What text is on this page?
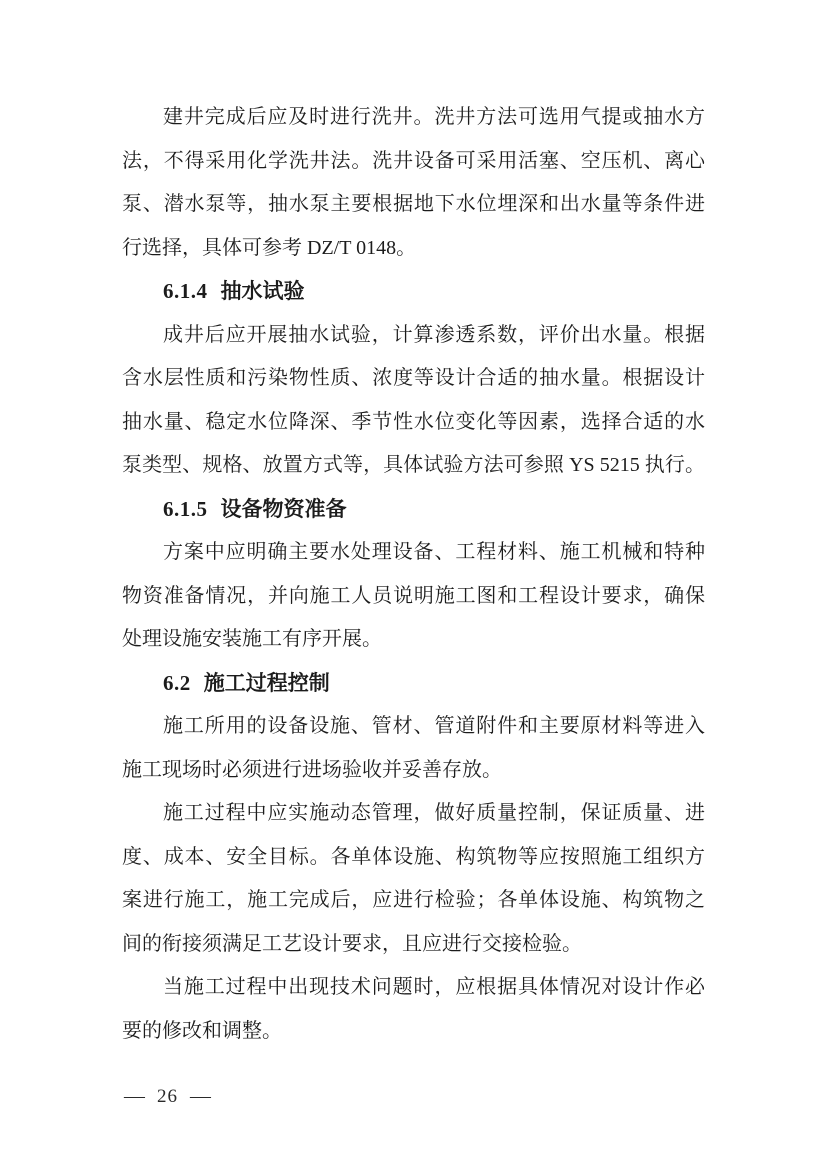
建井完成后应及时进行洗井。洗井方法可选用气提或抽水方
法，不得采用化学洗井法。洗井设备可采用活塞、空压机、离心
泵、潜水泵等，抽水泵主要根据地下水位埋深和出水量等条件进
行选择，具体可参考 DZ/T 0148。
6.1.4 抽水试验
成井后应开展抽水试验，计算渗透系数，评价出水量。根据
含水层性质和污染物性质、浓度等设计合适的抽水量。根据设计
抽水量、稳定水位降深、季节性水位变化等因素，选择合适的水
泵类型、规格、放置方式等，具体试验方法可参照 YS 5215 执行。
6.1.5 设备物资准备
方案中应明确主要水处理设备、工程材料、施工机械和特种
物资准备情况，并向施工人员说明施工图和工程设计要求，确保
处理设施安装施工有序开展。
6.2 施工过程控制
施工所用的设备设施、管材、管道附件和主要原材料等进入
施工现场时必须进行进场验收并妥善存放。
施工过程中应实施动态管理，做好质量控制，保证质量、进
度、成本、安全目标。各单体设施、构筑物等应按照施工组织方
案进行施工，施工完成后，应进行检验；各单体设施、构筑物之
间的衔接须满足工艺设计要求，且应进行交接检验。
当施工过程中出现技术问题时，应根据具体情况对设计作必
要的修改和调整。
— 26 —
